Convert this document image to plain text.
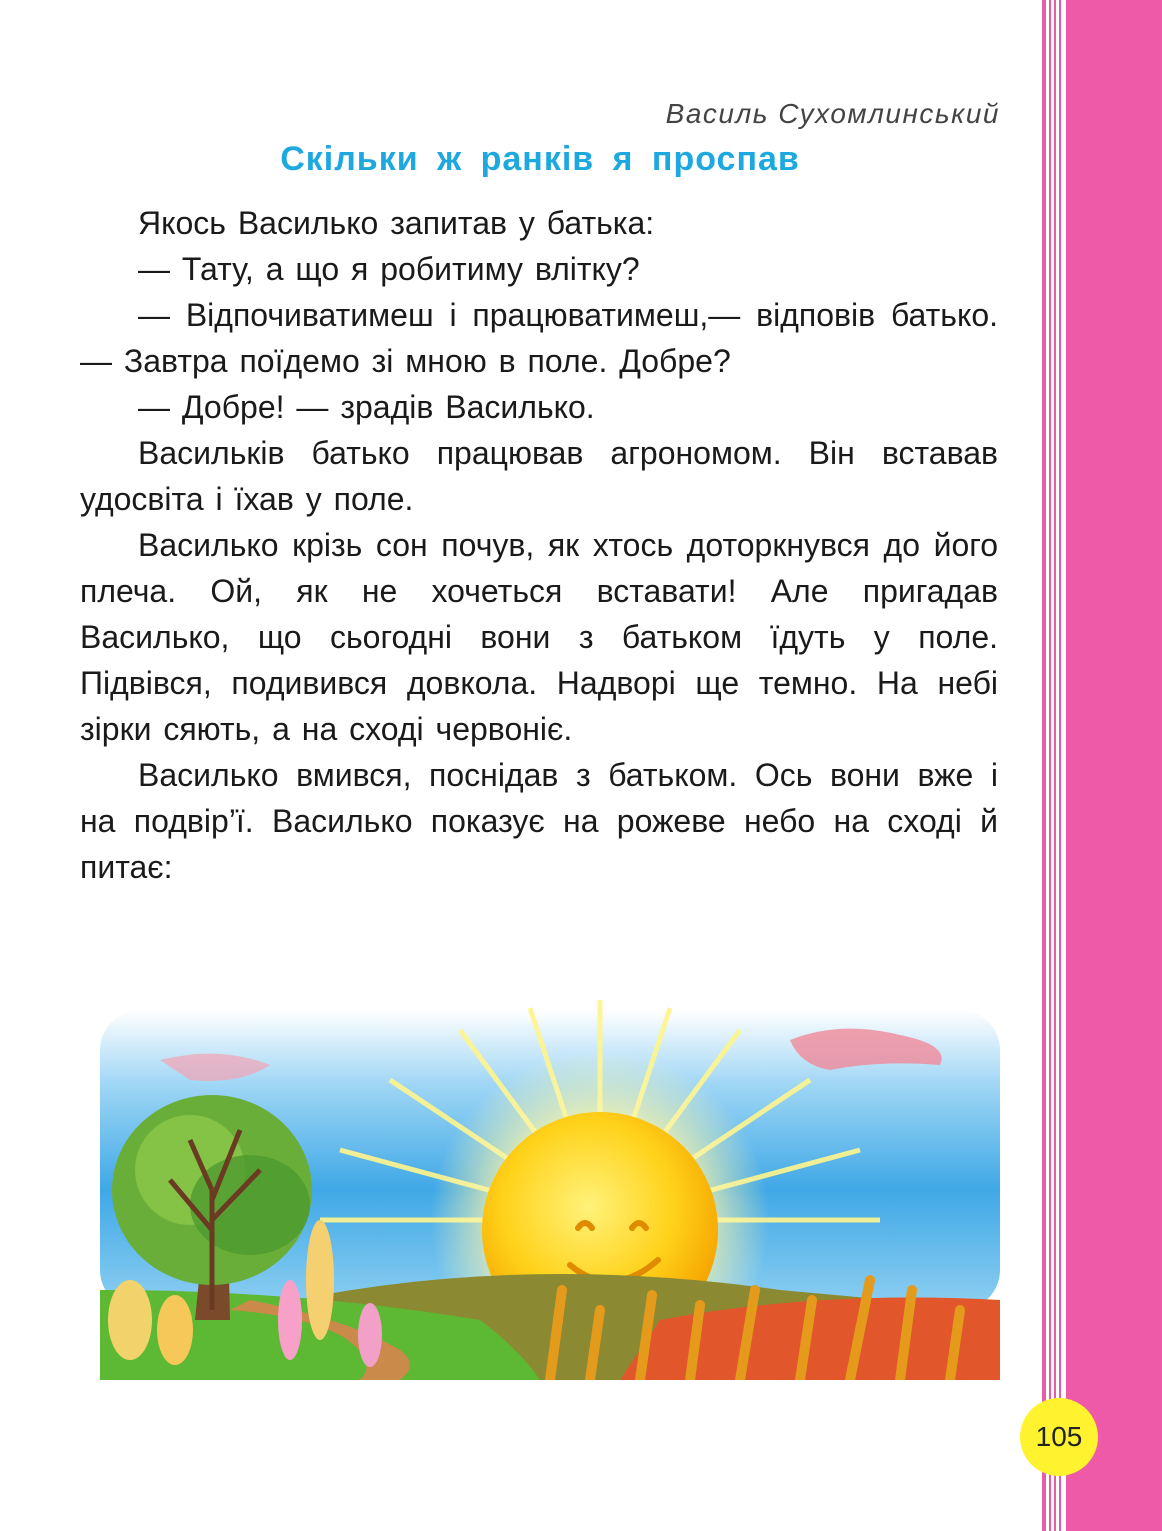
Василь Сухомлинський
Скільки ж ранків я проспав

Якось Василько запитав у батька:

— Тату, а що я робитиму влітку?

— Відпочиватимеш і працюватимеш,— відповів батько.— Завтра поїдемо зі мною в поле. Добре?

— Добре! — зрадів Василько.

Васильків батько працював агрономом. Він вставав удосвіта і їхав у поле.

Василько крізь сон почув, як хтось доторкнувся до його плеча. Ой, як не хочеться вставати! Але пригадав Василько, що сьогодні вони з батьком їдуть у поле. Підвівся, подивився довкола. Надворі ще темно. На небі зірки сяють, а на сході червоніє.

Василько вмився, поснідав з батьком. Ось вони вже і на подвір’ї. Василько показує на рожеве небо на сході й питає:

105
